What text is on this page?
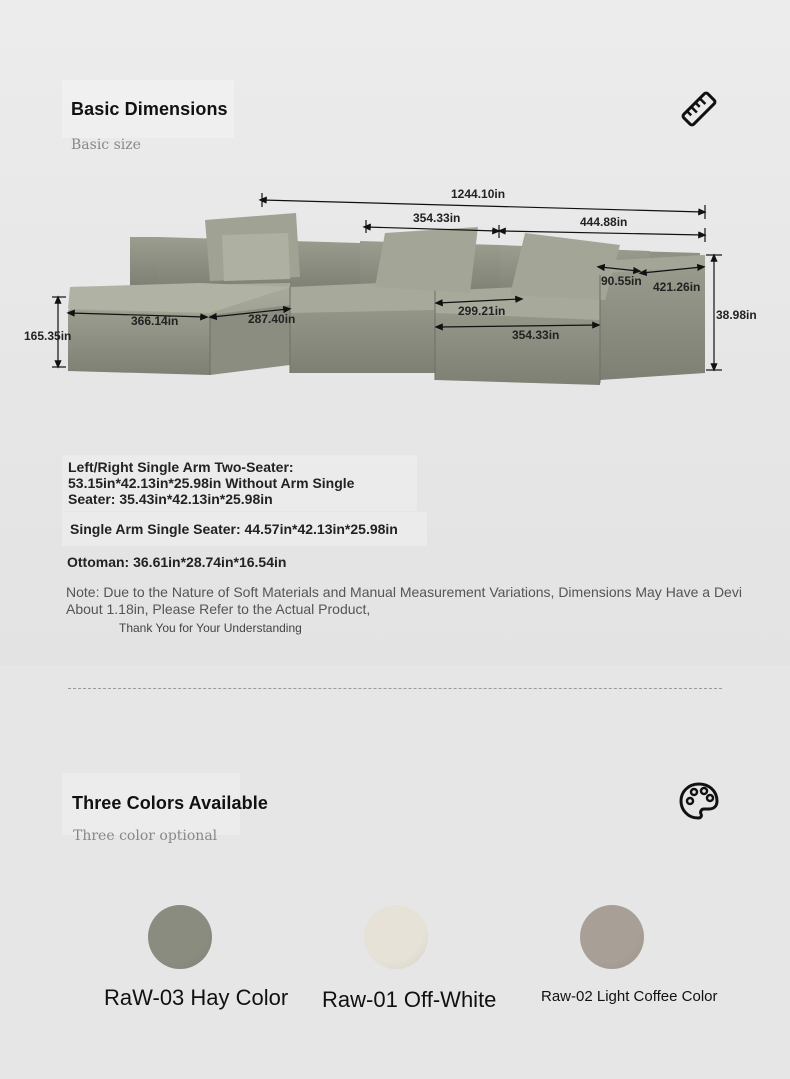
Basic Dimensions
Basic size
1244.10in
354.33in	444.88in
165.35in
366.14in	287.40in
299.21in
354.33in
90.55in 421.26in
38.98in
Left/Right Single Arm Two-Seater: 53.15in*42.13in*25.98in Without Arm Single Seater: 35.43in*42.13in*25.98in
Single Arm Single Seater: 44.57in*42.13in*25.98in
Ottoman: 36.61in*28.74in*16.54in
Note: Due to the Nature of Soft Materials and Manual Measurement Variations, Dimensions May Have a Devi
About 1.18in, Please Refer to the Actual Product,
Thank You for Your Understanding
Three Colors Available
Three color optional
RaW-03 Hay Color Raw-01 Off-White	Raw-02 Light Coffee Color
